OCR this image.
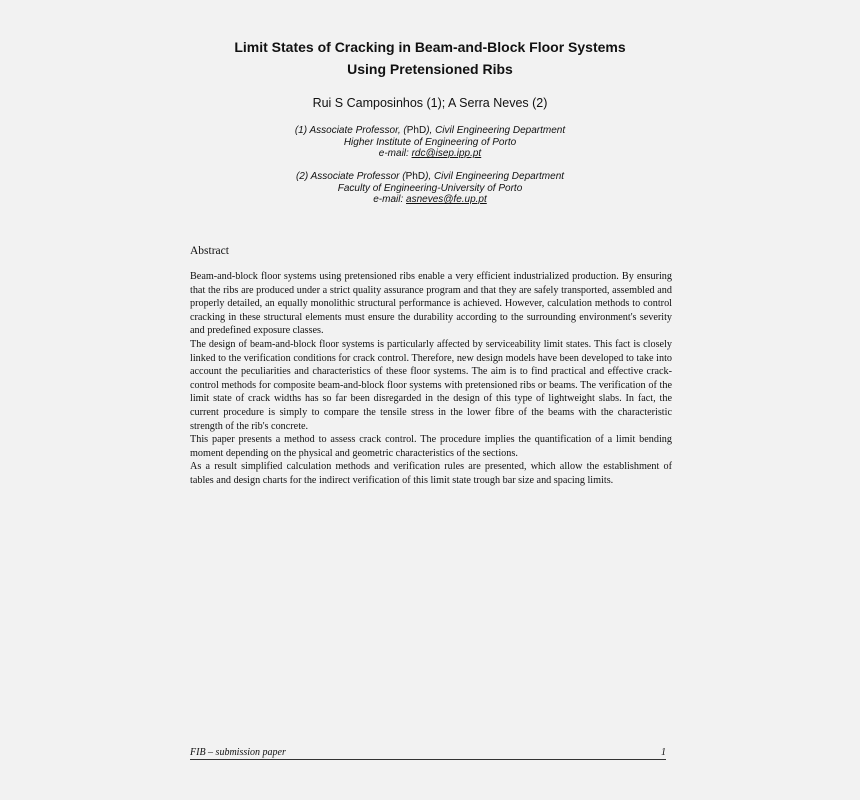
Limit States of Cracking in Beam-and-Block Floor Systems
Using Pretensioned Ribs
Rui S Camposinhos (1); A Serra Neves (2)
(1) Associate Professor, (PhD), Civil Engineering Department
Higher Institute of Engineering of Porto
e-mail: rdc@isep.ipp.pt
(2) Associate Professor (PhD), Civil Engineering Department
Faculty of Engineering-University of Porto
e-mail: asneves@fe.up.pt
Abstract

Beam-and-block floor systems using pretensioned ribs enable a very efficient industrialized production. By ensuring that the ribs are produced under a strict quality assurance program and that they are safely transported, assembled and properly detailed, an equally monolithic structural performance is achieved. However, calculation methods to control cracking in these structural elements must ensure the durability according to the surrounding environment's severity and predefined exposure classes.

The design of beam-and-block floor systems is particularly affected by serviceability limit states. This fact is closely linked to the verification conditions for crack control. Therefore, new design models have been developed to take into account the peculiarities and characteristics of these floor systems. The aim is to find practical and effective crack-control methods for composite beam-and-block floor systems with pretensioned ribs or beams. The verification of the limit state of crack widths has so far been disregarded in the design of this type of lightweight slabs. In fact, the current procedure is simply to compare the tensile stress in the lower fibre of the beams with the characteristic strength of the rib's concrete.

This paper presents a method to assess crack control. The procedure implies the quantification of a limit bending moment depending on the physical and geometric characteristics of the sections.

As a result simplified calculation methods and verification rules are presented, which allow the establishment of tables and design charts for the indirect verification of this limit state trough bar size and spacing limits.

FIB – submission paper	1
